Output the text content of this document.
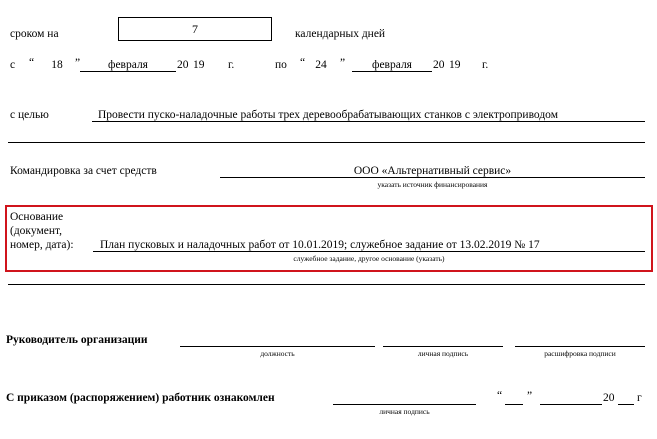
сроком на	7	календарных дней
с “	18	”	февраля	20 19 г.	по “ 24	”	февраля	20 19 г.
с целью	Провести пуско-наладочные работы трех деревообрабатывающих станков с электроприводом
Командировка за счет средств	ООО «Альтернативный сервис»
указать источник финансирования
Основание
(документ,
номер, дата): План пусковых и наладочных работ от 10.01.2019; служебное задание от 13.02.2019 № 17
служебное задание, другое основание (указать)
Руководитель организации
должность	личная подпись	расшифровка подписи
С приказом (распоряжением) работник ознакомлен
личная подпись
“ ”	20 г
